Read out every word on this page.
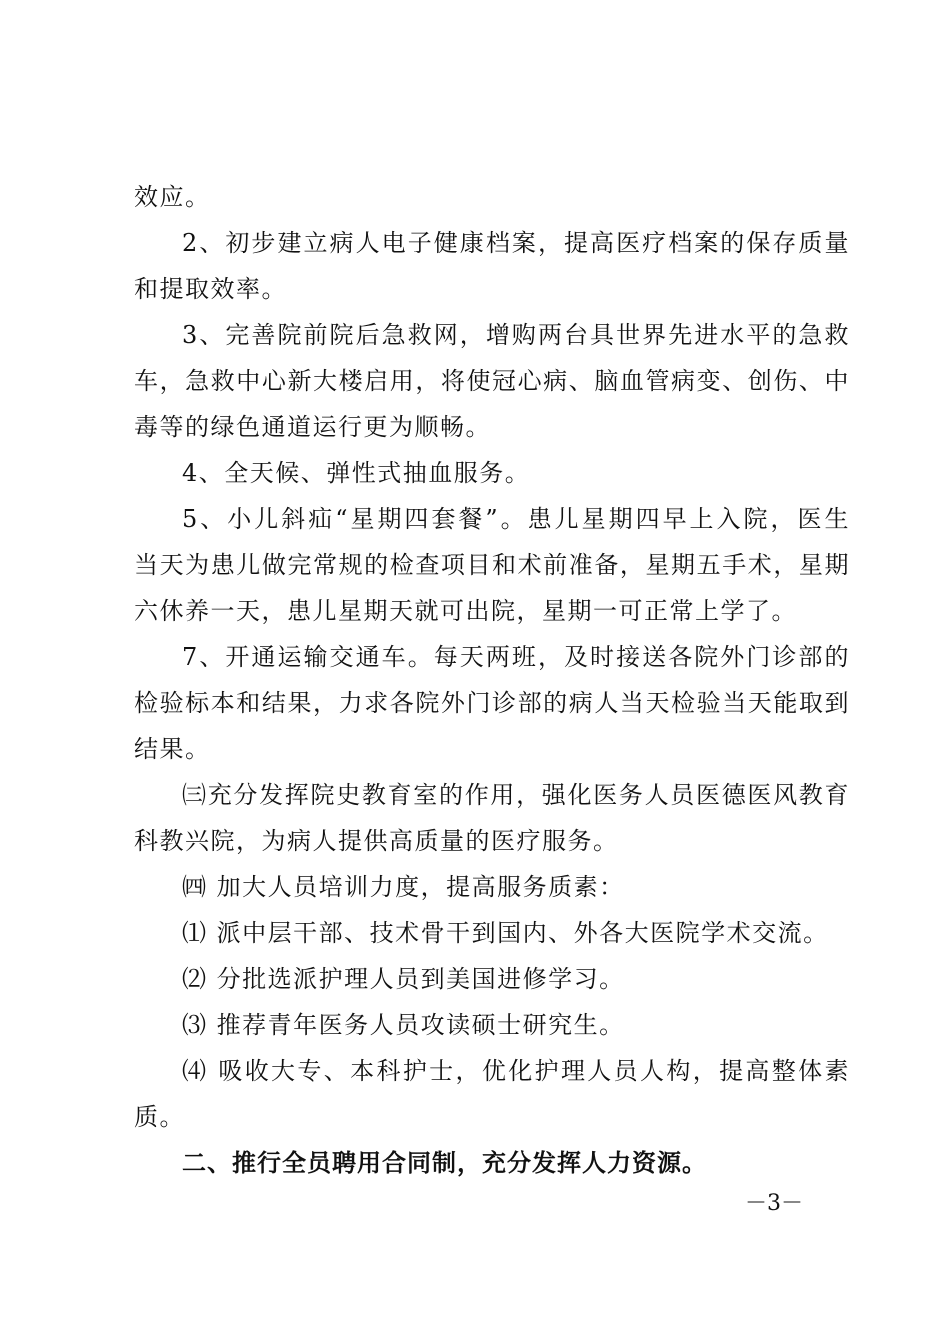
效应。
2、初步建立病人电子健康档案，提高医疗档案的保存质量
和提取效率。
3、完善院前院后急救网，增购两台具世界先进水平的急救
车，急救中心新大楼启用，将使冠心病、脑血管病变、创伤、中
毒等的绿色通道运行更为顺畅。
4、全天候、弹性式抽血服务。
5、小儿斜疝“星期四套餐”。患儿星期四早上入院，医生
当天为患儿做完常规的检查项目和术前准备，星期五手术，星期
六休养一天，患儿星期天就可出院，星期一可正常上学了。
7、开通运输交通车。每天两班，及时接送各院外门诊部的
检验标本和结果，力求各院外门诊部的病人当天检验当天能取到
结果。
㈢充分发挥院史教育室的作用，强化医务人员医德医风教育
科教兴院，为病人提供高质量的医疗服务。
㈣ 加大人员培训力度，提高服务质素：
⑴ 派中层干部、技术骨干到国内、外各大医院学术交流。
⑵ 分批选派护理人员到美国进修学习。
⑶ 推荐青年医务人员攻读硕士研究生。
⑷ 吸收大专、本科护士，优化护理人员人构，提高整体素
质。
二、推行全员聘用合同制，充分发挥人力资源。
－3－
